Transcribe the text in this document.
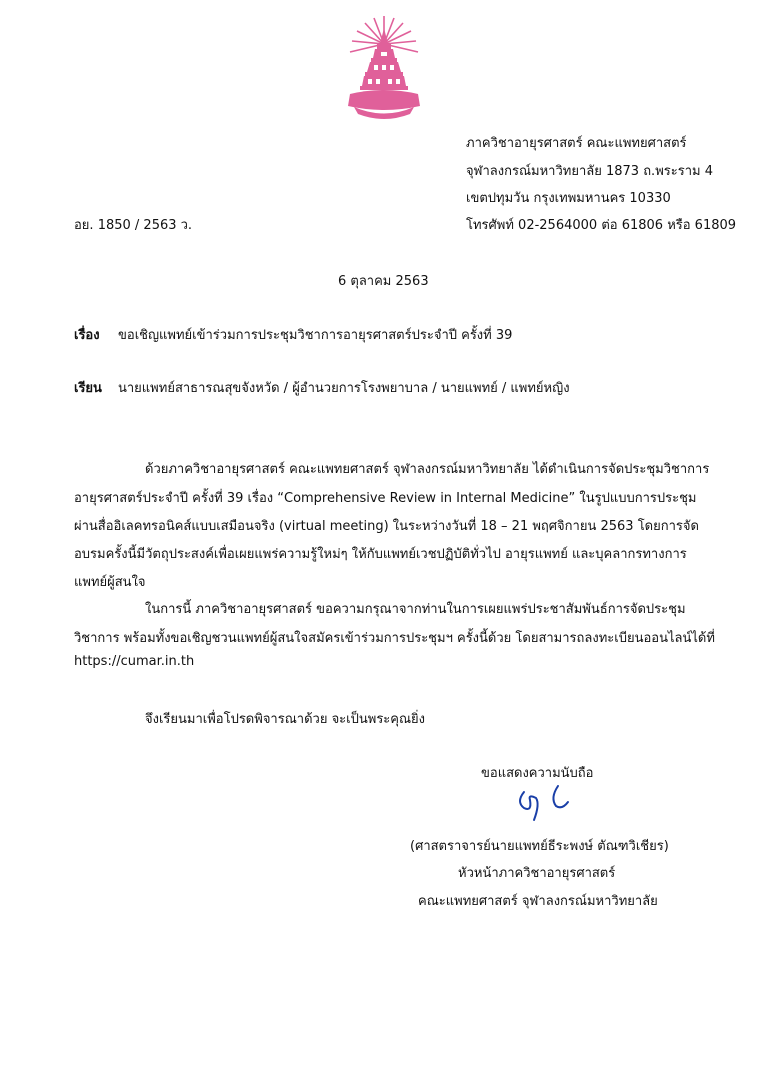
ภาควิชาอายุรศาสตร์ คณะแพทยศาสตร์
จุฬาลงกรณ์มหาวิทยาลัย 1873 ถ.พระราม 4
เขตปทุมวัน กรุงเทพมหานคร 10330
โทรศัพท์ 02-2564000 ต่อ 61806 หรือ 61809
อย. 1850 / 2563 ว.
6 ตุลาคม 2563
เรื่อง ขอเชิญแพทย์เข้าร่วมการประชุมวิชาการอายุรศาสตร์ประจำปี ครั้งที่ 39
เรียน นายแพทย์สาธารณสุขจังหวัด / ผู้อำนวยการโรงพยาบาล / นายแพทย์ / แพทย์หญิง
ด้วยภาควิชาอายุรศาสตร์ คณะแพทยศาสตร์ จุฬาลงกรณ์มหาวิทยาลัย ได้ดำเนินการจัดประชุมวิชาการ
อายุรศาสตร์ประจำปี ครั้งที่ 39 เรื่อง “Comprehensive Review in Internal Medicine” ในรูปแบบการประชุม
ผ่านสื่ออิเลคทรอนิคส์แบบเสมือนจริง (virtual meeting) ในระหว่างวันที่ 18 – 21 พฤศจิกายน 2563 โดยการจัด
อบรมครั้งนี้มีวัตถุประสงค์เพื่อเผยแพร่ความรู้ใหม่ๆ ให้กับแพทย์เวชปฏิบัติทั่วไป อายุรแพทย์ และบุคลากรทางการ
แพทย์ผู้สนใจ
ในการนี้ ภาควิชาอายุรศาสตร์ ขอความกรุณาจากท่านในการเผยแพร่ประชาสัมพันธ์การจัดประชุม
วิชาการ พร้อมทั้งขอเชิญชวนแพทย์ผู้สนใจสมัครเข้าร่วมการประชุมฯ ครั้งนี้ด้วย โดยสามารถลงทะเบียนออนไลน์ได้ที่
https://cumar.in.th
จึงเรียนมาเพื่อโปรดพิจารณาด้วย จะเป็นพระคุณยิ่ง
ขอแสดงความนับถือ
(ศาสตราจารย์นายแพทย์ธีระพงษ์ ตัณฑวิเชียร)
หัวหน้าภาควิชาอายุรศาสตร์
คณะแพทยศาสตร์ จุฬาลงกรณ์มหาวิทยาลัย
